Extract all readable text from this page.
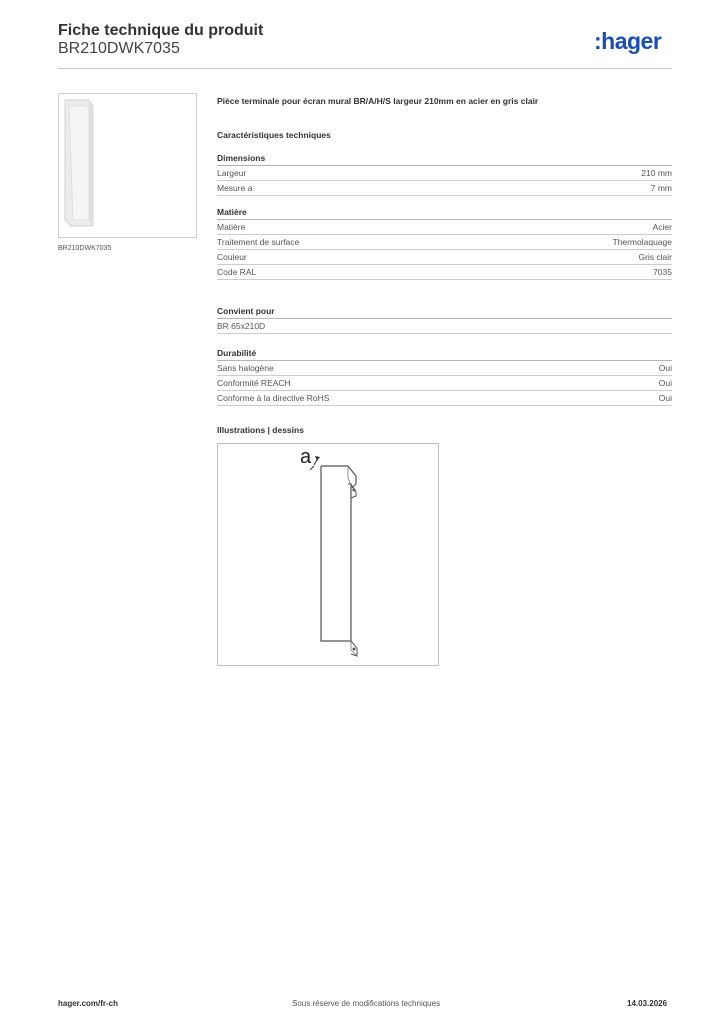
Fiche technique du produit
BR210DWK7035	:hager
BR210DWK7035
Pièce terminale pour écran mural BR/A/H/S largeur 210mm en acier en gris clair
Caractéristiques techniques
Dimensions
Largeur	210 mm
Mesure a	7 mm
Matière
Matière	Acier
Traitement de surface	Thermolaquage
Couleur	Gris clair
Code RAL	7035
Convient pour
BR 65x210D
Durabilité
Sans halogène	Oui
Conformité REACH	Oui
Conforme à la directive RoHS	Oui
Illustrations | dessins
a
hager.com/fr-ch	Sous réserve de modifications techniques	14.03.2026
